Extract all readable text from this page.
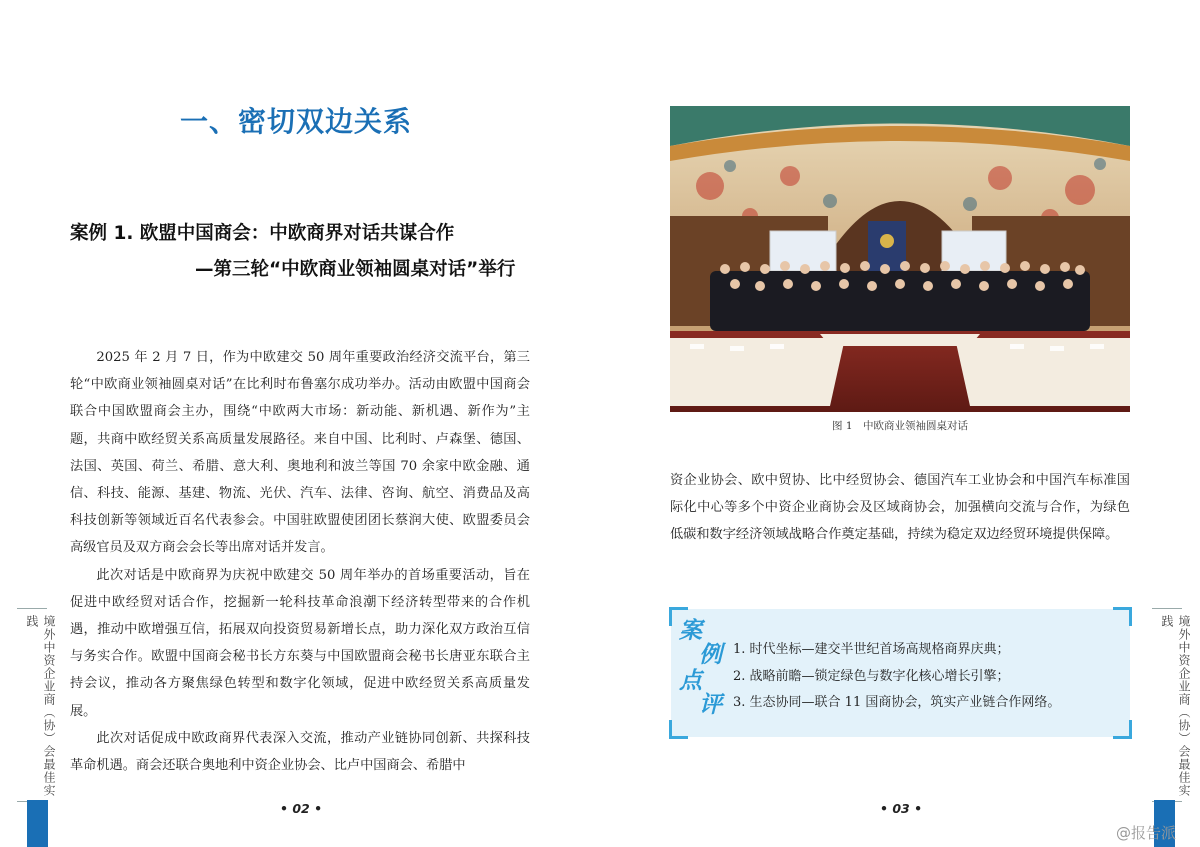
一、密切双边关系
案例 1. 欧盟中国商会：中欧商界对话共谋合作
—第三轮“中欧商业领袖圆桌对话”举行

2025 年 2 月 7 日，作为中欧建交 50 周年重要政治经济交流平台，第三轮“中欧商业领袖圆桌对话”在比利时布鲁塞尔成功举办。活动由欧盟中国商会联合中国欧盟商会主办，围绕“中欧两大市场：新动能、新机遇、新作为”主题，共商中欧经贸关系高质量发展路径。来自中国、比利时、卢森堡、德国、法国、英国、荷兰、希腊、意大利、奥地利和波兰等国 70 余家中欧金融、通信、科技、能源、基建、物流、光伏、汽车、法律、咨询、航空、消费品及高科技创新等领域近百名代表参会。中国驻欧盟使团团长蔡润大使、欧盟委员会高级官员及双方商会会长等出席对话并发言。

此次对话是中欧商界为庆祝中欧建交 50 周年举办的首场重要活动，旨在促进中欧经贸对话合作，挖掘新一轮科技革命浪潮下经济转型带来的合作机遇，推动中欧增强互信，拓展双向投资贸易新增长点，助力深化双方政治互信与务实合作。欧盟中国商会秘书长方东葵与中国欧盟商会秘书长唐亚东联合主持会议，推动各方聚焦绿色转型和数字化领域，促进中欧经贸关系高质量发展。

此次对话促成中欧政商界代表深入交流，推动产业链协同创新、共探科技革命机遇。商会还联合奥地利中资企业协会、比卢中国商会、希腊中

境外中资企业商（协）会最佳实践
• 02 •
图 1　中欧商业领袖圆桌对话

资企业协会、欧中贸协、比中经贸协会、德国汽车工业协会和中国汽车标准国际化中心等多个中资企业商协会及区域商协会，加强横向交流与合作，为绿色低碳和数字经济领域战略合作奠定基础，持续为稳定双边经贸环境提供保障。

案
例
点
评
1. 时代坐标—建交半世纪首场高规格商界庆典；
2. 战略前瞻—锁定绿色与数字化核心增长引擎；
3. 生态协同—联合 11 国商协会，筑实产业链合作网络。	境外中资企业商（协）会最佳实践
• 03 •
@报告派
